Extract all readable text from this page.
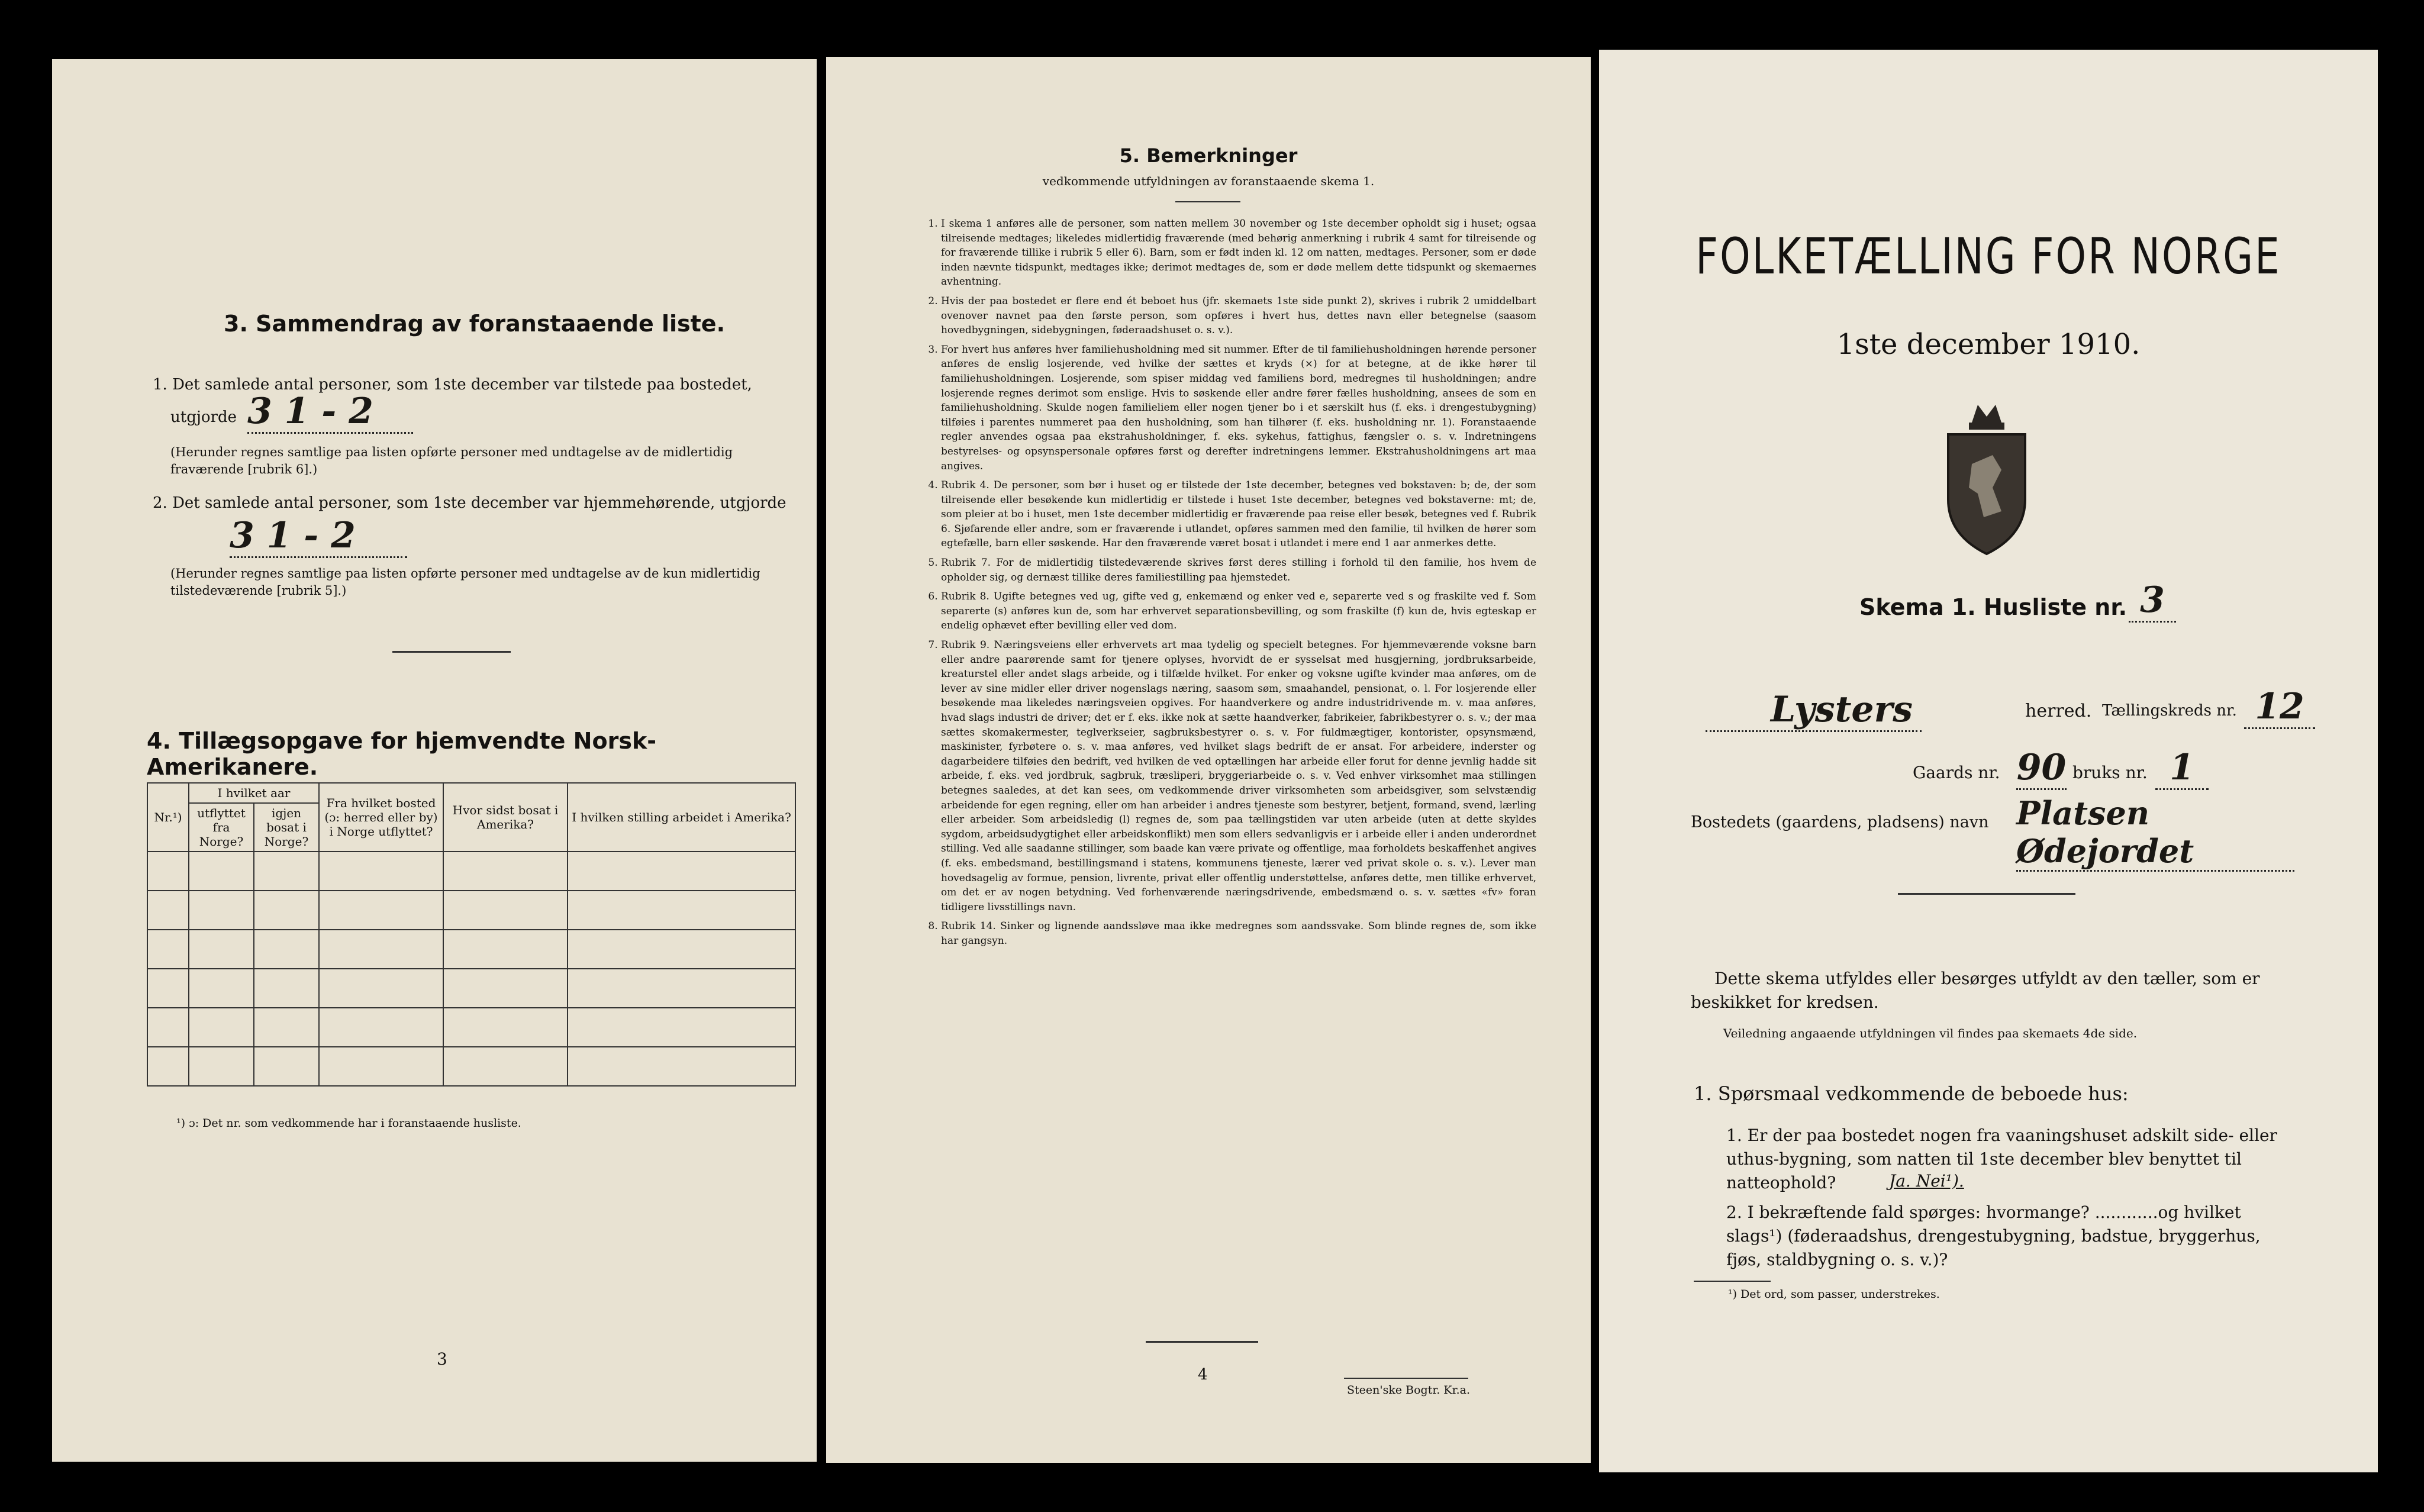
3. Sammendrag av foranstaaende liste.
1. Det samlede antal personer, som 1ste december var tilstede paa bostedet,
utgjorde 3 1 - 2
(Herunder regnes samtlige paa listen opførte personer med undtagelse av de midlertidig fraværende [rubrik 6].)
2. Det samlede antal personer, som 1ste december var hjemmehørende, utgjorde
3 1 - 2
(Herunder regnes samtlige paa listen opførte personer med undtagelse av de kun midlertidig tilstedeværende [rubrik 5].)
4. Tillægsopgave for hjemvendte Norsk-Amerikanere.
Nr.¹)	I hvilket aar		Fra hvilket bosted (ɔ: herred eller by) i Norge utflyttet?	Hvor sidst bosat i Amerika?	I hvilken stilling arbeidet i Amerika?
	utflyttet fra Norge?	igjen bosat i Norge?			

¹) ɔ: Det nr. som vedkommende har i foranstaaende husliste.
3
5. Bemerkninger
vedkommende utfyldningen av foranstaaende skema 1.
1. I skema 1 anføres alle de personer, som natten mellem 30 november og 1ste december opholdt sig i huset; ogsaa tilreisende medtages; likeledes midlertidig fraværende (med behørig anmerkning i rubrik 4 samt for tilreisende og for fraværende tillike i rubrik 5 eller 6). Barn, som er født inden kl. 12 om natten, medtages. Personer, som er døde inden nævnte tidspunkt, medtages ikke; derimot medtages de, som er døde mellem dette tidspunkt og skemaernes avhentning.
2. Hvis der paa bostedet er flere end ét beboet hus (jfr. skemaets 1ste side punkt 2), skrives i rubrik 2 umiddelbart ovenover navnet paa den første person, som opføres i hvert hus, dettes navn eller betegnelse (saasom hovedbygningen, sidebygningen, føderaadshuset o. s. v.).
3. For hvert hus anføres hver familiehusholdning med sit nummer. Efter de til familiehusholdningen hørende personer anføres de enslig losjerende, ved hvilke der sættes et kryds (×) for at betegne, at de ikke hører til familiehusholdningen. Losjerende, som spiser middag ved familiens bord, medregnes til husholdningen; andre losjerende regnes derimot som enslige. Hvis to søskende eller andre fører fælles husholdning, ansees de som en familiehusholdning. Skulde nogen familieliem eller nogen tjener bo i et særskilt hus (f. eks. i drengestubygning) tilføies i parentes nummeret paa den husholdning, som han tilhører (f. eks. husholdning nr. 1). Foranstaaende regler anvendes ogsaa paa ekstrahusholdninger, f. eks. sykehus, fattighus, fængsler o. s. v. Indretningens bestyrelses- og opsynspersonale opføres først og derefter indretningens lemmer. Ekstrahusholdningens art maa angives.
4. Rubrik 4. De personer, som bør i huset og er tilstede der 1ste december, betegnes ved bokstaven: b; de, der som tilreisende eller besøkende kun midlertidig er tilstede i huset 1ste december, betegnes ved bokstaverne: mt; de, som pleier at bo i huset, men 1ste december midlertidig er fraværende paa reise eller besøk, betegnes ved f. Rubrik 6. Sjøfarende eller andre, som er fraværende i utlandet, opføres sammen med den familie, til hvilken de hører som egtefælle, barn eller søskende. Har den fraværende været bosat i utlandet i mere end 1 aar anmerkes dette.
5. Rubrik 7. For de midlertidig tilstedeværende skrives først deres stilling i forhold til den familie, hos hvem de opholder sig, og dernæst tillike deres familiestilling paa hjemstedet.
6. Rubrik 8. Ugifte betegnes ved ug, gifte ved g, enkemænd og enker ved e, separerte ved s og fraskilte ved f. Som separerte (s) anføres kun de, som har erhvervet separationsbevilling, og som fraskilte (f) kun de, hvis egteskap er endelig ophævet efter bevilling eller ved dom.
7. Rubrik 9. Næringsveiens eller erhvervets art maa tydelig og specielt betegnes. For hjemmeværende voksne barn eller andre paarørende samt for tjenere oplyses, hvorvidt de er sysselsat med husgjerning, jordbruksarbeide, kreaturstel eller andet slags arbeide, og i tilfælde hvilket. For enker og voksne ugifte kvinder maa anføres, om de lever av sine midler eller driver nogenslags næring, saasom søm, smaahandel, pensionat, o. l. For losjerende eller besøkende maa likeledes næringsveien opgives. For haandverkere og andre industridrivende m. v. maa anføres, hvad slags industri de driver; det er f. eks. ikke nok at sætte haandverker, fabrikeier, fabrikbestyrer o. s. v.; der maa sættes skomakermester, teglverkseier, sagbruksbestyrer o. s. v. For fuldmægtiger, kontorister, opsynsmænd, maskinister, fyrbøtere o. s. v. maa anføres, ved hvilket slags bedrift de er ansat. For arbeidere, inderster og dagarbeidere tilføies den bedrift, ved hvilken de ved optællingen har arbeide eller forut for denne jevnlig hadde sit arbeide, f. eks. ved jordbruk, sagbruk, træsliperi, bryggeriarbeide o. s. v. Ved enhver virksomhet maa stillingen betegnes saaledes, at det kan sees, om vedkommende driver virksomheten som arbeidsgiver, som selvstændig arbeidende for egen regning, eller om han arbeider i andres tjeneste som bestyrer, betjent, formand, svend, lærling eller arbeider. Som arbeidsledig (l) regnes de, som paa tællingstiden var uten arbeide (uten at dette skyldes sygdom, arbeidsudygtighet eller arbeidskonflikt) men som ellers sedvanligvis er i arbeide eller i anden underordnet stilling. Ved alle saadanne stillinger, som baade kan være private og offentlige, maa forholdets beskaffenhet angives (f. eks. embedsmand, bestillingsmand i statens, kommunens tjeneste, lærer ved privat skole o. s. v.). Lever man hovedsagelig av formue, pension, livrente, privat eller offentlig understøttelse, anføres dette, men tillike erhvervet, om det er av nogen betydning. Ved forhenværende næringsdrivende, embedsmænd o. s. v. sættes «fv» foran tidligere livsstillings navn.
8. Rubrik 14. Sinker og lignende aandssløve maa ikke medregnes som aandssvake. Som blinde regnes de, som ikke har gangsyn.
4
Steen'ske Bogtr. Kr.a.
FOLKETÆLLING FOR NORGE
1ste december 1910.
Skema 1. Husliste nr. 3
Lysters	herred. Tællingskreds nr. 12
Gaards nr. 90 bruks nr. 1
Bostedets (gaardens, pladsens) navn Platsen Ødejordet
Dette skema utfyldes eller besørges utfyldt av den tæller, som er beskikket for kredsen.
Veiledning angaaende utfyldningen vil findes paa skemaets 4de side.
1. Spørsmaal vedkommende de beboede hus:
1. Er der paa bostedet nogen fra vaaningshuset adskilt side- eller uthus-bygning, som natten til 1ste december blev benyttet til natteophold?	Ja. Nei¹).
2. I bekræftende fald spørges: hvormange? ............og hvilket slags¹) (føderaadshus, drengestubygning, badstue, bryggerhus, fjøs, staldbygning o. s. v.)?
¹) Det ord, som passer, understrekes.
